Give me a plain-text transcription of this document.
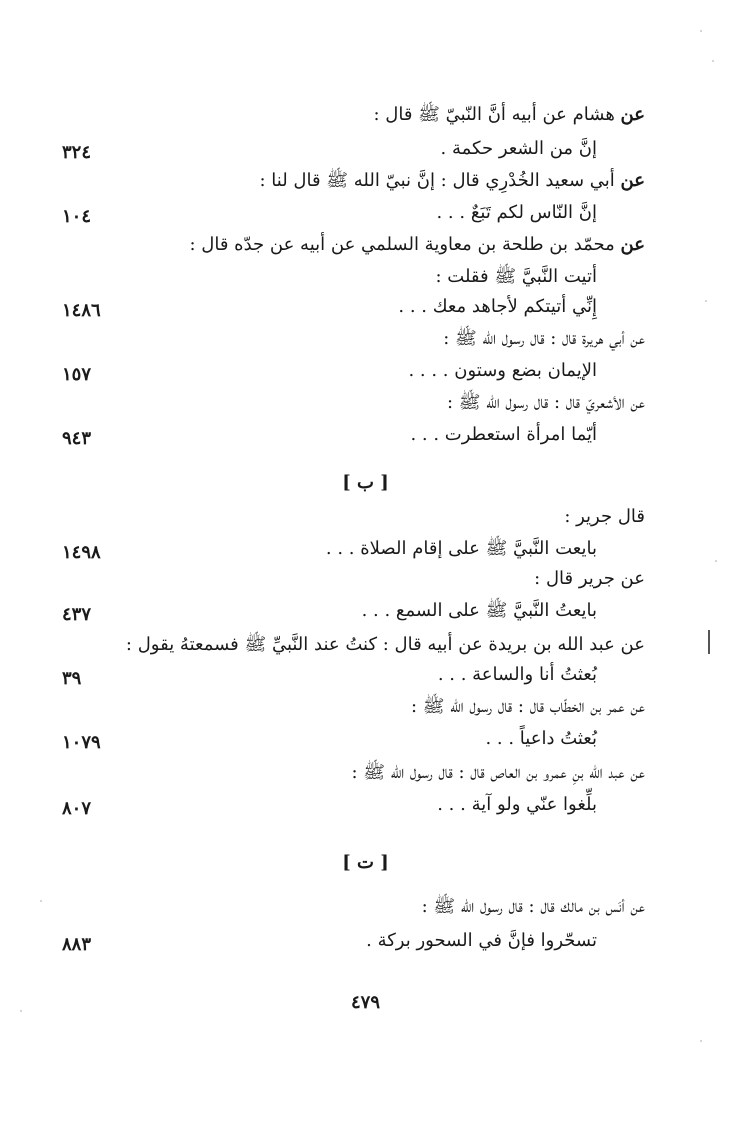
عن هشام عن أبيه أنَّ النّبيّ ﷺ قال :
إنَّ من الشعر حكمة .
٣٢٤
عن أبي سعيد الخُدْرِي قال : إنَّ نبيّ الله ﷺ قال لنا :
إنَّ النّاس لكم تَبَعٌ . . .
١٠٤
عن محمّد بن طلحة بن معاوية السلمي عن أبيه عن جدّه قال :
أتيت النَّبيَّ ﷺ فقلت :
إِنِّي أتيتكم لأجاهد معك . . .
١٤٨٦
عن أبي هريرة قال : قال رسول الله ﷺ :
الإيمان بضع وستون . . . .
١٥٧
عن الأشعريّ قال : قال رسول الله ﷺ :
أيّما امرأة استعطرت . . .
٩٤٣
[ ب ]
قال جرير :
بايعت النَّبيَّ ﷺ على إقام الصلاة . . .
١٤٩٨
عن جرير قال :
بايعتُ النَّبيَّ ﷺ على السمع . . .
٤٣٧
عن عبد الله بن بريدة عن أبيه قال : كنتُ عند النَّبيِّ ﷺ فسمعتهُ يقول :
بُعثتُ أنا والساعة . . .
٣٩
عن عمر بن الخطّاب قال : قال رسول الله ﷺ :
بُعثتُ داعياً . . .
١٠٧٩
عن عبد الله بنِ عمرو بن العاص قال : قال رسول الله ﷺ :
بلِّغوا عنّي ولو آية . . .
٨٠٧
[ ت ]
عن أنَس بن مالك قال : قال رسول الله ﷺ :
تسحّروا فإنَّ في السحور بركة .
٨٨٣
٤٧٩
